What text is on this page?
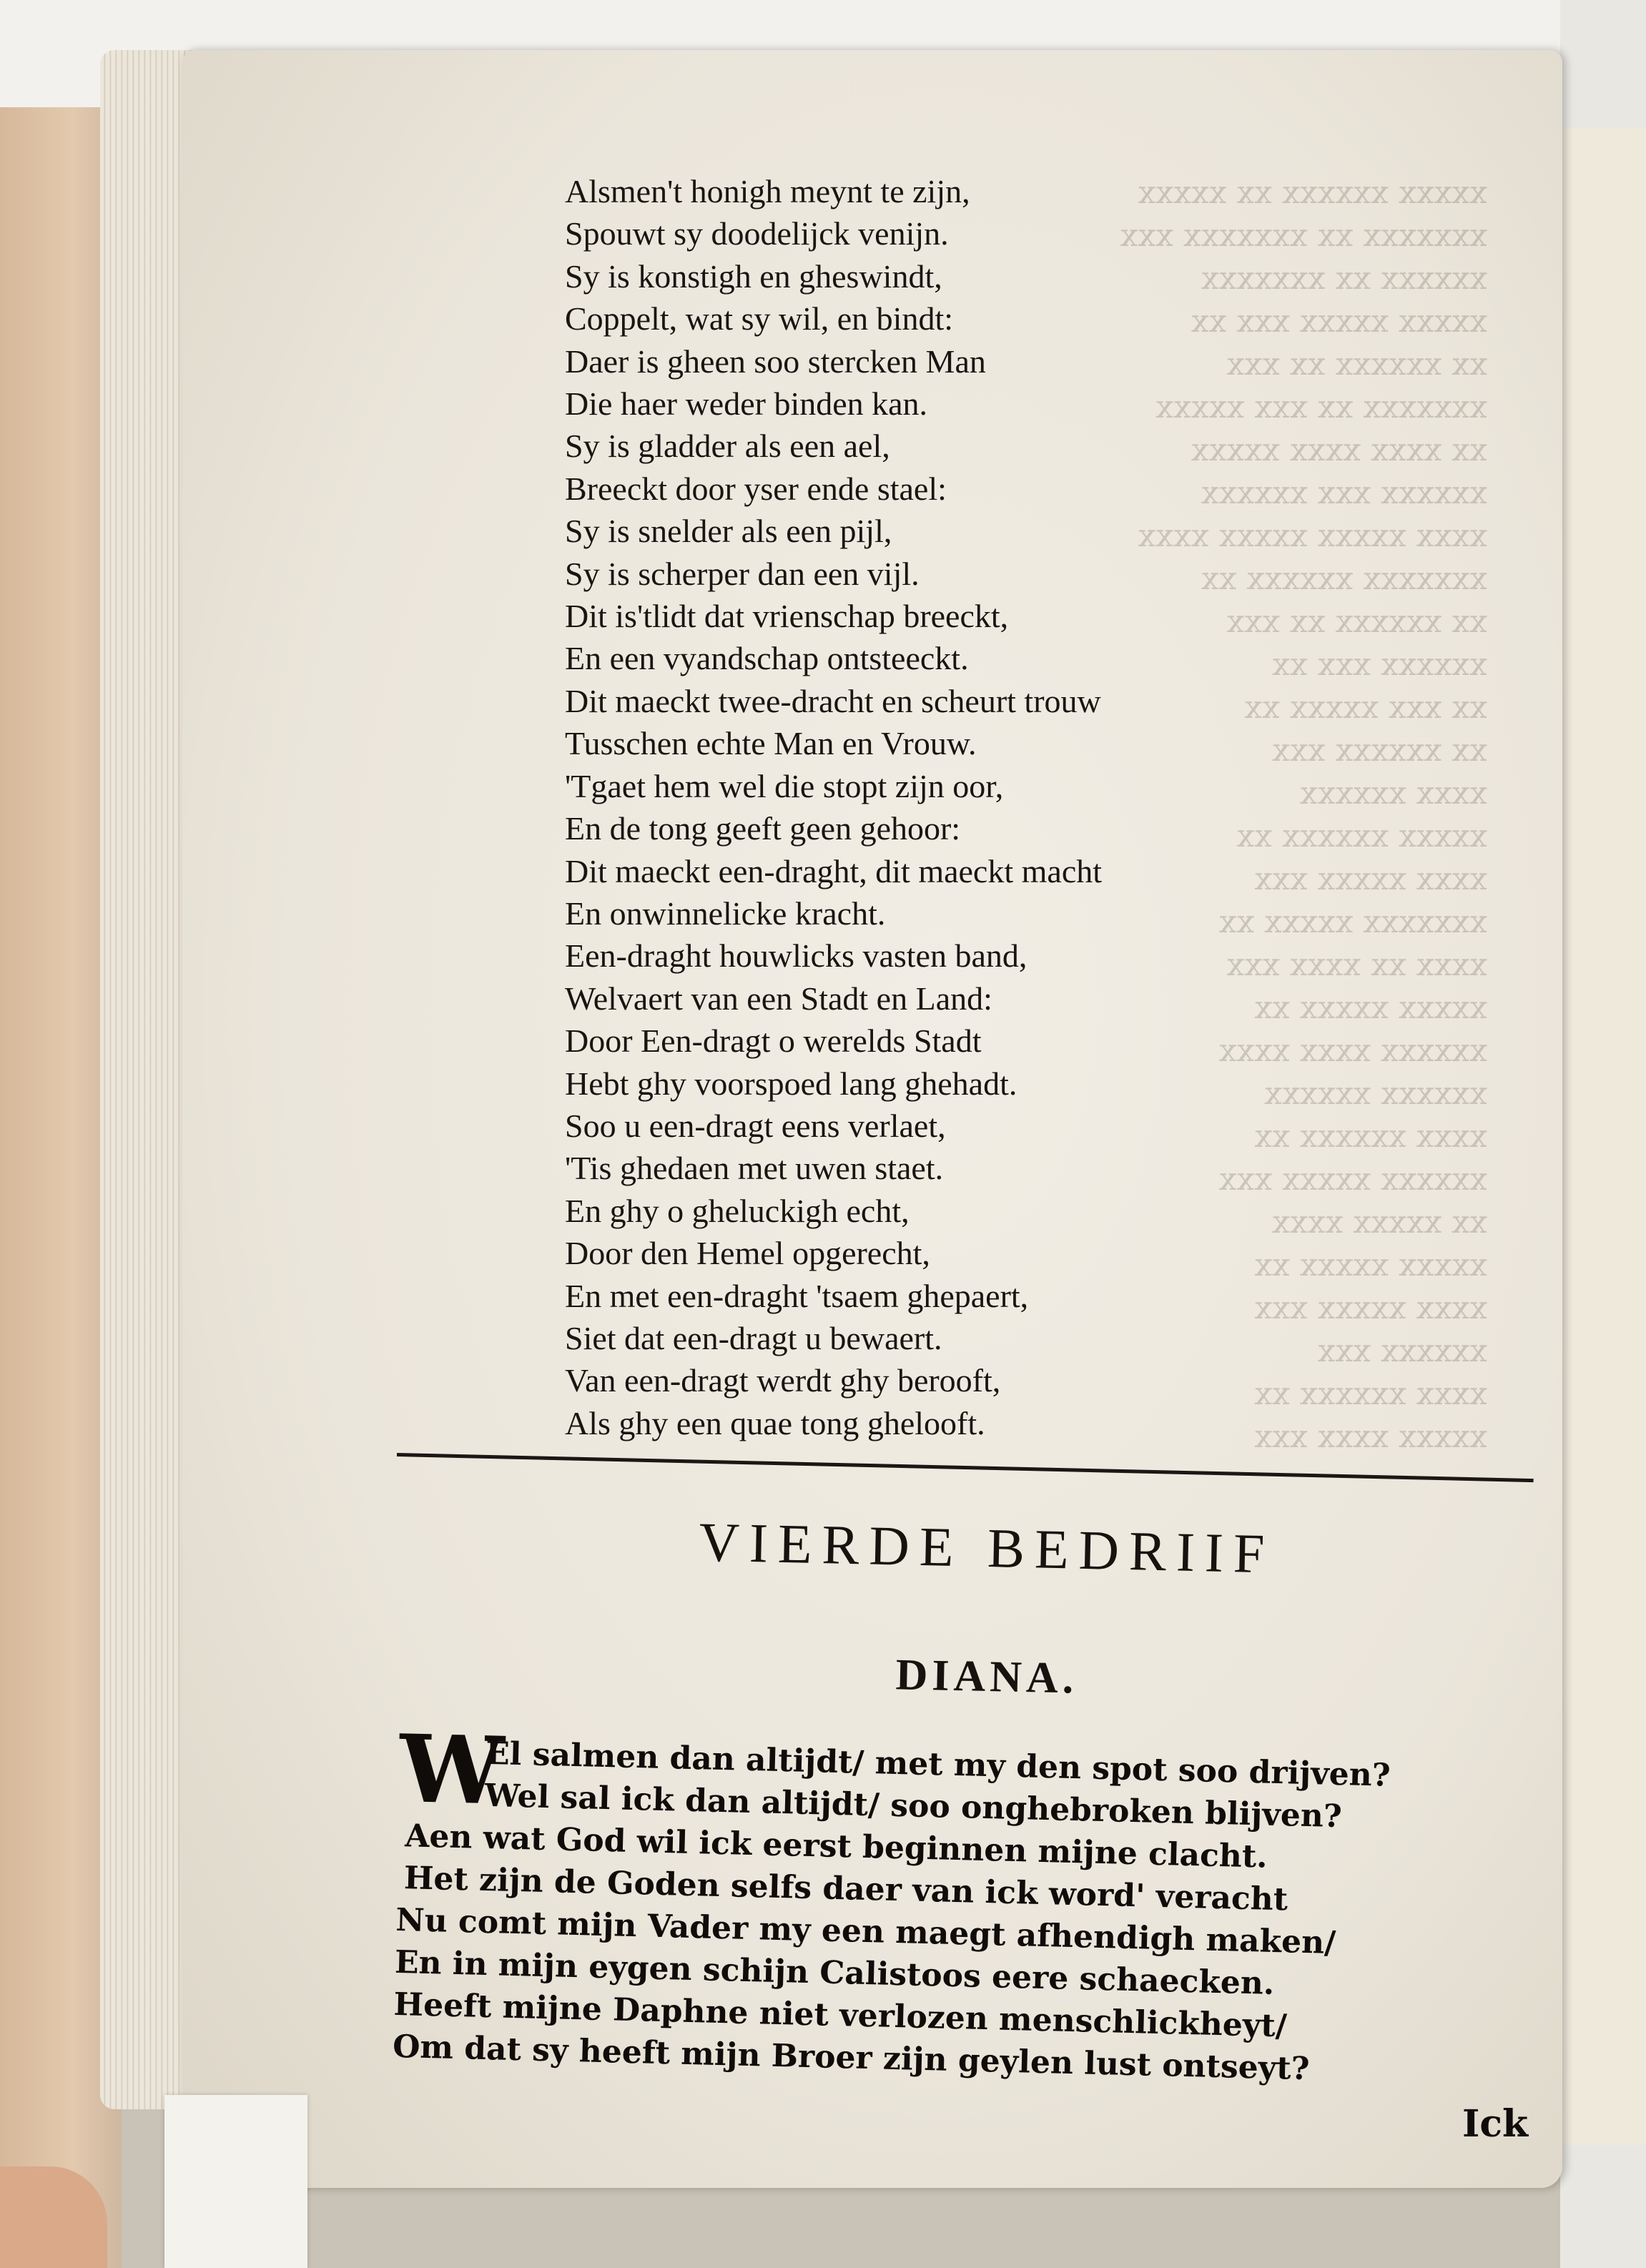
xxxxx xxxxxx xx xxxxx
xxxxxxx xx xxxxxxx xxx
xxxxxx xx xxxxxxx
xxxxx xxxxx xxx xx
xx xxxxxx xx xxx
xxxxxxx xx xxx xxxxx
xx xxxx xxxx xxxxx
xxxxxx xxx xxxxxx
xxxx xxxxx xxxxx xxxx
xxxxxxx xxxxxx xx
xx xxxxxx xx xxx
xxxxxx xxx xx
xx xxx xxxxx xx
xx xxxxxx xxx
xxxx xxxxxx
xxxxx xxxxxx xx
xxxx xxxxx xxx
xxxxxxx xxxxx xx
xxxx xx xxxx xxx
xxxxx xxxxx xx
xxxxxx xxxx xxxx
xxxxxx xxxxxx
xxxx xxxxxx xx
xxxxxx xxxxx xxx
xx xxxxx xxxx
xxxxx xxxxx xx
xxxx xxxxx xxx
xxxxxx xxx
xxxx xxxxxx xx
xxxxx xxxx xxx
Alsmen't honigh meynt te zijn,
Spouwt sy doodelijck venijn.
Sy is konstigh en gheswindt,
Coppelt, wat sy wil, en bindt:
Daer is gheen soo stercken Man
Die haer weder binden kan.
Sy is gladder als een ael,
Breeckt door yser ende stael:
Sy is snelder als een pijl,
Sy is scherper dan een vijl.
Dit is'tlidt dat vrienschap breeckt,
En een vyandschap ontsteeckt.
Dit maeckt twee-dracht en scheurt trouw
Tusschen echte Man en Vrouw.
'Tgaet hem wel die stopt zijn oor,
En de tong geeft geen gehoor:
Dit maeckt een-draght, dit maeckt macht
En onwinnelicke kracht.
Een-draght houwlicks vasten band,
Welvaert van een Stadt en Land:
Door Een-dragt o werelds Stadt
Hebt ghy voorspoed lang ghehadt.
Soo u een-dragt eens verlaet,
'Tis ghedaen met uwen staet.
En ghy o gheluckigh echt,
Door den Hemel opgerecht,
En met een-draght 'tsaem ghepaert,
Siet dat een-dragt u bewaert.
Van een-dragt werdt ghy berooft,
Als ghy een quae tong ghelooft.
VIERDE BEDRIIF
DIANA.
W
El salmen dan altijdt/ met my den spot soo drijven?
Wel sal ick dan altijdt/ soo onghebroken blijven?
Aen wat God wil ick eerst beginnen mijne clacht.
Het zijn de Goden selfs daer van ick word' veracht
Nu comt mijn Vader my een maegt afhendigh maken/
En in mijn eygen schijn Calistoos eere schaecken.
Heeft mijne Daphne niet verlozen menschlickheyt/
Om dat sy heeft mijn Broer zijn geylen lust ontseyt?
Ick
